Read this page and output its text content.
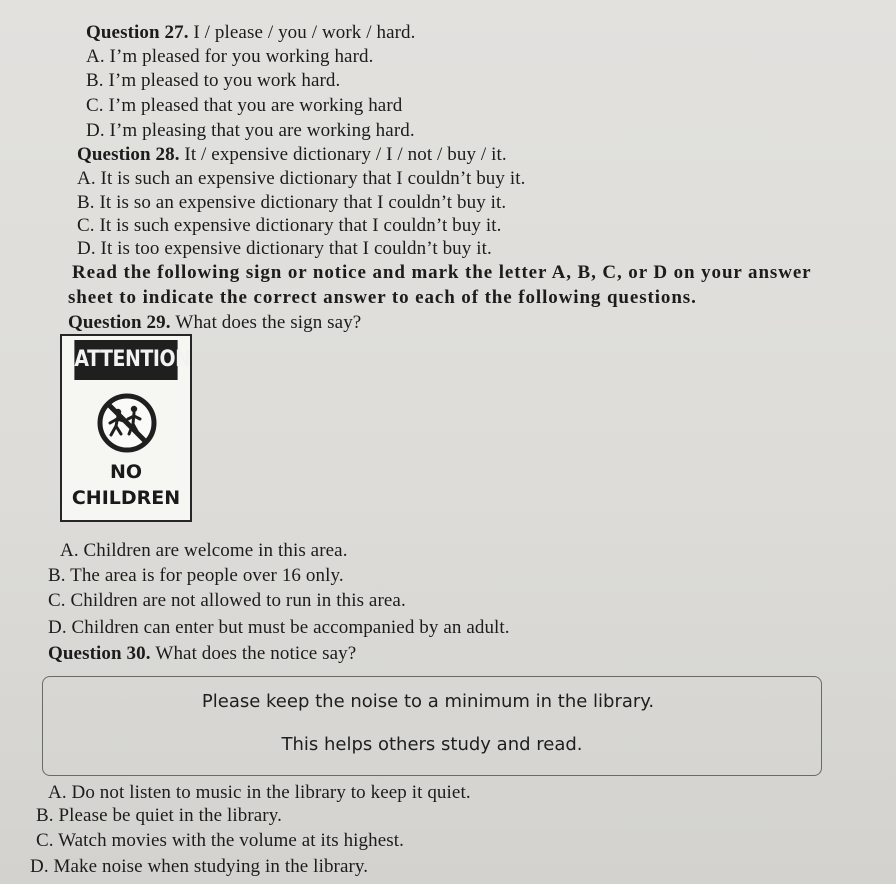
Question 27. I / please / you / work / hard.
A. I’m pleased for you working hard.
B. I’m pleased to you work hard.
C. I’m pleased that you are working hard
D. I’m pleasing that you are working hard.
Question 28. It / expensive dictionary / I / not / buy / it.
A. It is such an expensive dictionary that I couldn’t buy it.
B. It is so an expensive dictionary that I couldn’t buy it.
C. It is such expensive dictionary that I couldn’t buy it.
D. It is too expensive dictionary that I couldn’t buy it.
Read the following sign or notice and mark the letter A, B, C, or D on your answer
sheet to indicate the correct answer to each of the following questions.
Question 29. What does the sign say?
ATTENTION
NO
CHILDREN
A. Children are welcome in this area.
B. The area is for people over 16 only.
C. Children are not allowed to run in this area.
D. Children can enter but must be accompanied by an adult.
Question 30. What does the notice say?
Please keep the noise to a minimum in the library.
This helps others study and read.
A. Do not listen to music in the library to keep it quiet.
B. Please be quiet in the library.
C. Watch movies with the volume at its highest.
D. Make noise when studying in the library.
